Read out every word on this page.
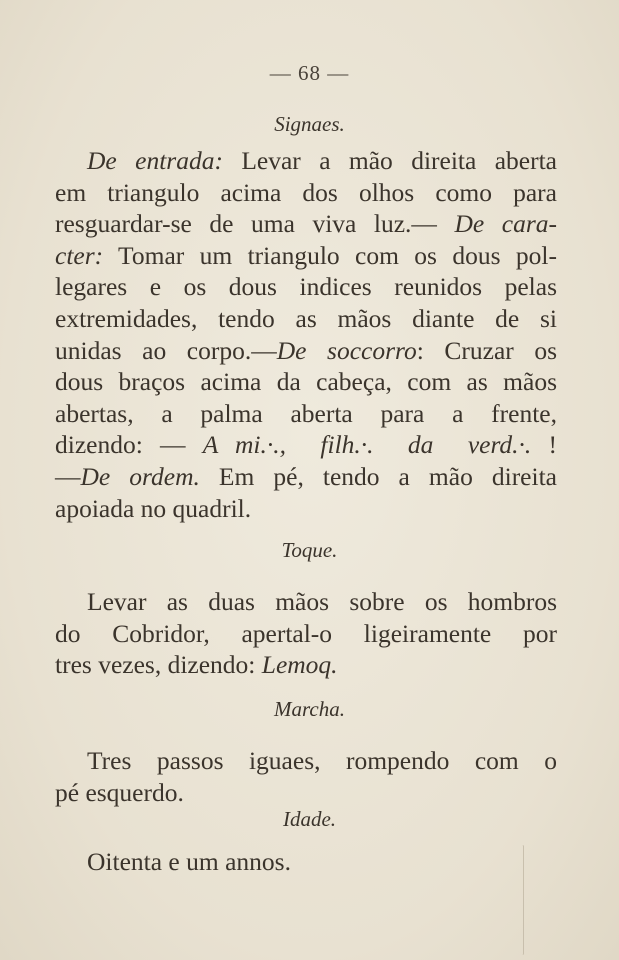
— 68 —
Signaes.
De entrada: Levar a mão direita aberta
em triangulo acima dos olhos como para
resguardar-se de uma viva luz.— De cara-
cter: Tomar um triangulo com os dous pol-
legares e os dous indices reunidos pelas
extremidades, tendo as mãos diante de si
unidas ao corpo.—De soccorro: Cruzar os
dous braços acima da cabeça, com as mãos
abertas, a palma aberta para a frente,
dizendo: — A mi.·.,  filh.·.  da  verd.·. !
—De ordem. Em pé, tendo a mão direita
apoiada no quadril.
Toque.
Levar as duas mãos sobre os hombros
do Cobridor, apertal-o ligeiramente por
tres vezes, dizendo: Lemoq.
Marcha.
Tres passos iguaes, rompendo com o
pé esquerdo.
Idade.
Oitenta e um annos.
